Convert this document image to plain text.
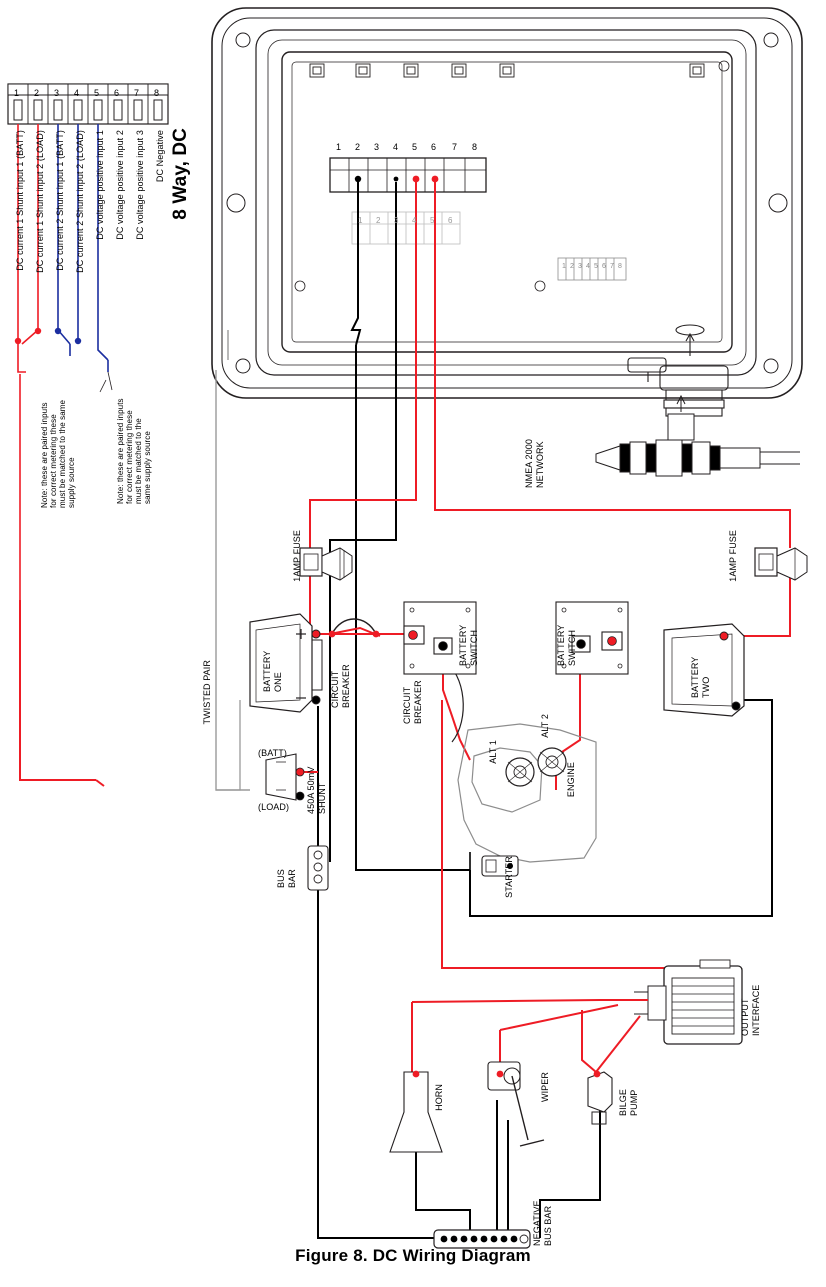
1 2 3 4 5 6 7 8
8 Way, DC
DC Negative
DC voltage positive input 3
DC voltage positive input 2
DC voltage positive input 1
DC current 2 Shunt input 2 (LOAD)
DC current 2 Shunt input 1 (BATT)
DC current 1 Shunt input 2 (LOAD)
DC current 1 Shunt input 1 (BATT)
Note: these are paired inputs for correct metering these must be matched to the same supply source
Note: these are paired inputs for correct metering these must be matched to the same supply source
1 2 3 4 5 6 7 8
1 2 3 4 5 6
1 2 3 4 5 6 7 8
NMEA 2000 NETWORK
TWISTED PAIR
1AMP FUSE	1AMP FUSE
BATTERY ONE	BATTERY TWO
CIRCUIT BREAKER	CIRCUIT BREAKER
BATTERY SWITCH	BATTERY SWITCH
(BATT)
(LOAD) 450A 50mV SHUNT
BUS BAR
ALT 1
ALT 2
ENGINE
STARTER
OUTPUT INTERFACE
HORN	WIPER
BILGE PUMP
NEGATIVE BUS BAR
Figure 8. DC Wiring Diagram
